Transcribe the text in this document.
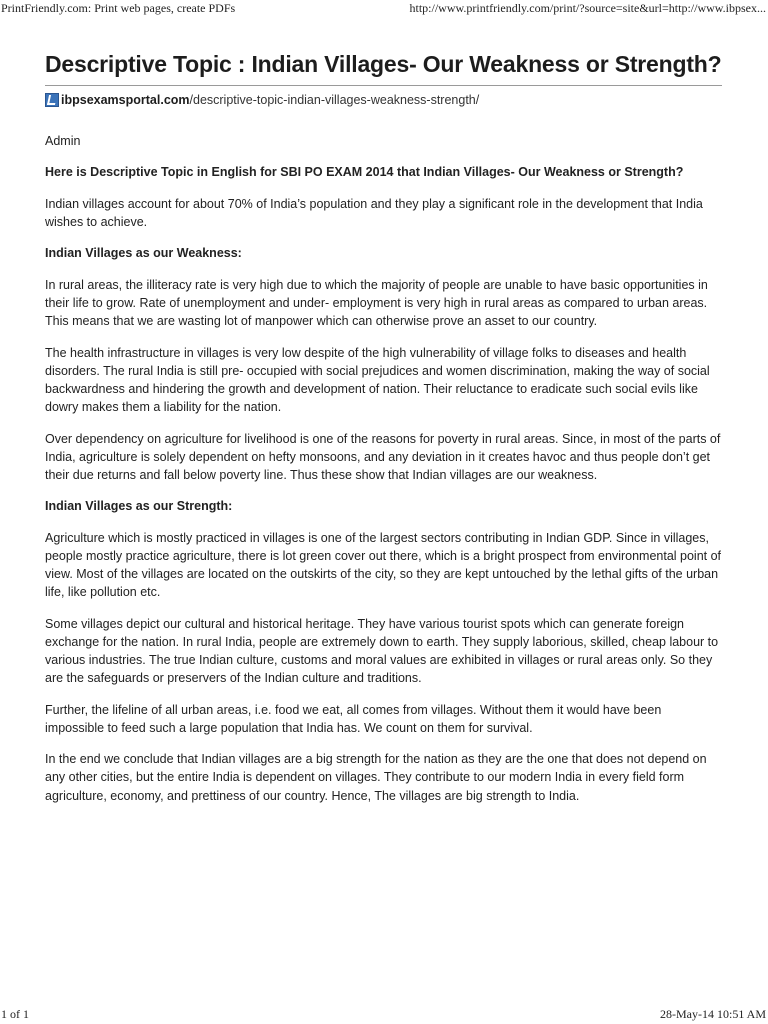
PrintFriendly.com: Print web pages, create PDFs	http://www.printfriendly.com/print/?source=site&url=http://www.ibpsex...
Descriptive Topic : Indian Villages- Our Weakness or Strength?
ibpsexamsportal.com /descriptive-topic-indian-villages-weakness-strength/
Admin

Here is Descriptive Topic in English for SBI PO EXAM 2014 that Indian Villages- Our Weakness or Strength?

Indian villages account for about 70% of India’s population and they play a significant role in the development that India wishes to achieve.

Indian Villages as our Weakness:

In rural areas, the illiteracy rate is very high due to which the majority of people are unable to have basic opportunities in their life to grow. Rate of unemployment and under- employment is very high in rural areas as compared to urban areas. This means that we are wasting lot of manpower which can otherwise prove an asset to our country.

The health infrastructure in villages is very low despite of the high vulnerability of village folks to diseases and health disorders. The rural India is still pre- occupied with social prejudices and women discrimination, making the way of social backwardness and hindering the growth and development of nation. Their reluctance to eradicate such social evils like dowry makes them a liability for the nation.

Over dependency on agriculture for livelihood is one of the reasons for poverty in rural areas. Since, in most of the parts of India, agriculture is solely dependent on hefty monsoons, and any deviation in it creates havoc and thus people don’t get their due returns and fall below poverty line. Thus these show that Indian villages are our weakness.

Indian Villages as our Strength:

Agriculture which is mostly practiced in villages is one of the largest sectors contributing in Indian GDP. Since in villages, people mostly practice agriculture, there is lot green cover out there, which is a bright prospect from environmental point of view. Most of the villages are located on the outskirts of the city, so they are kept untouched by the lethal gifts of the urban life, like pollution etc.

Some villages depict our cultural and historical heritage. They have various tourist spots which can generate foreign exchange for the nation. In rural India, people are extremely down to earth. They supply laborious, skilled, cheap labour to various industries. The true Indian culture, customs and moral values are exhibited in villages or rural areas only. So they are the safeguards or preservers of the Indian culture and traditions.

Further, the lifeline of all urban areas, i.e. food we eat, all comes from villages. Without them it would have been impossible to feed such a large population that India has. We count on them for survival.

In the end we conclude that Indian villages are a big strength for the nation as they are the one that does not depend on any other cities, but the entire India is dependent on villages. They contribute to our modern India in every field form agriculture, economy, and prettiness of our country. Hence, The villages are big strength to India.

1 of 1	28-May-14 10:51 AM
